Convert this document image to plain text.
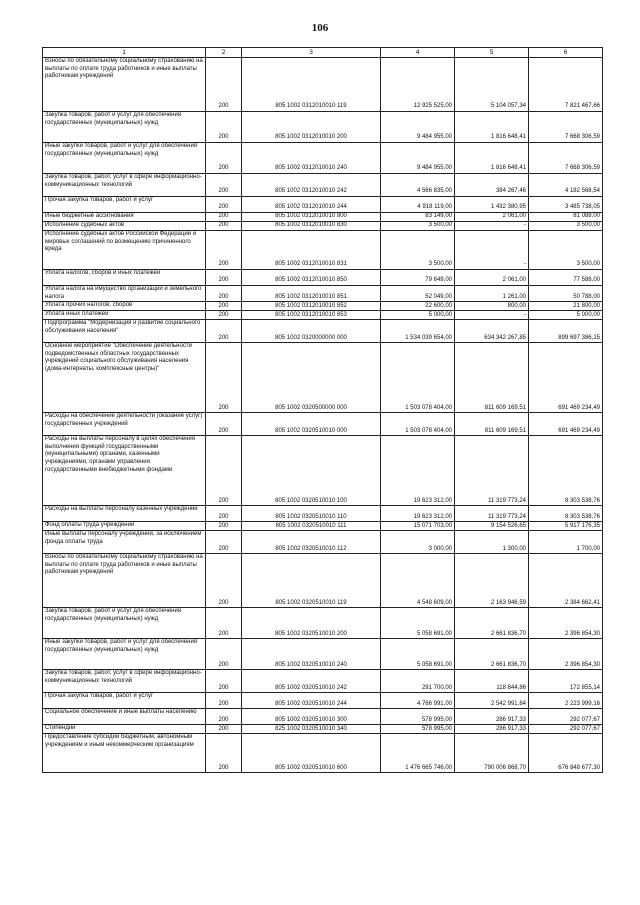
106
1	2	3	4	5	6
Взносы по обязательному социальному страхованию на выплаты по оплате труда работников и иные выплаты работникам учреждений	200	805 1002 0312010010 119	12 925 525,00	5 104 057,34	7 821 467,66
Закупка товаров, работ и услуг для обеспечения государственных (муниципальных) нужд	200	805 1002 0312010010 200	9 484 955,00	1 816 648,41	7 668 306,59
Иные закупки товаров, работ и услуг для обеспечения государственных (муниципальных) нужд	200	805 1002 0312010010 240	9 484 955,00	1 816 648,41	7 668 306,59
Закупка товаров, работ, услуг в сфере информационно-коммуникационных технологий	200	805 1002 0312010010 242	4 566 835,00	384 267,46	4 182 568,54
Прочая закупка товаров, работ и услуг	200	805 1002 0312010010 244	4 918 119,00	1 432 380,95	3 485 738,05
Иные бюджетные ассигнования	200	805 1002 0312010010 800	83 149,00	2 061,00	81 088,00
Исполнение судебных актов	200	805 1002 0312010010 830	3 500,00	-	3 500,00
Исполнение судебных актов Российской Федерации и мировых соглашений по возмещению причиненного вреда	200	805 1002 0312010010 831	3 500,00	-	3 500,00
Уплата налогов, сборов и иных платежей	200	805 1002 0312010010 850	79 649,00	2 061,00	77 588,00
Уплата налога на имущество организаций и земельного налога	200	805 1002 0312010010 851	52 049,00	1 261,00	50 788,00
Уплата прочих налогов, сборов	200	805 1002 0312010010 852	22 600,00	800,00	21 800,00
Уплата иных платежей	200	805 1002 0312010010 853	5 000,00	-	5 000,00
Подпрограмма "Модернизация и развитие социального обслуживания населения"	200	805 1002 0320000000 000	1 534 039 654,00	634 342 267,85	899 697 386,15
Основное мероприятие "Обеспечение деятельности подведомственных областных государственных учреждений социального обслуживания населения (дома-интернаты, комплексные центры)"	200	805 1002 0320500000 000	1 503 078 404,00	811 609 169,51	691 469 234,49
Расходы на обеспечение деятельности (оказание услуг) государственных учреждений	200	805 1002 0320510010 000	1 503 078 404,00	811 609 169,51	691 469 234,49
Расходы на выплаты персоналу в целях обеспечения выполнения функций государственными (муниципальными) органами, казенными учреждениями, органами управления государственными внебюджетными фондами	200	805 1002 0320510010 100	19 623 312,00	11 319 773,24	8 303 538,76
Расходы на выплаты персоналу казенных учреждений	200	805 1002 0320510010 110	19 623 312,00	11 319 773,24	8 303 538,76
Фонд оплаты труда учреждений	200	805 1002 0320510010 111	15 071 703,00	9 154 526,65	5 917 176,35
Иные выплаты персоналу учреждений, за исключением фонда оплаты труда	200	805 1002 0320510010 112	3 000,00	1 300,00	1 700,00
Взносы по обязательному социальному страхованию на выплаты по оплате труда работников и иные выплаты работникам учреждений	200	805 1002 0320510010 119	4 548 609,00	2 163 946,59	2 384 662,41
Закупка товаров, работ и услуг для обеспечения государственных (муниципальных) нужд	200	805 1002 0320510010 200	5 058 691,00	2 661 836,70	2 396 854,30
Иные закупки товаров, работ и услуг для обеспечения государственных (муниципальных) нужд	200	805 1002 0320510010 240	5 058 691,00	2 661 836,70	2 396 854,30
Закупка товаров, работ, услуг в сфере информационно-коммуникационных технологий	200	805 1002 0320510010 242	291 700,00	118 844,86	172 855,14
Прочая закупка товаров, работ и услуг	200	805 1002 0320510010 244	4 766 991,00	2 542 991,84	2 223 999,16
Социальное обеспечение и иные выплаты населению	200	805 1002 0320510010 300	578 995,00	286 917,33	292 077,67
Стипендии	200	825 1002 0320510010 340	578 995,00	286 917,33	292 077,67
Предоставление субсидий бюджетным, автономным учреждениям и иным некоммерческим организациям	200	805 1002 0320510010 600	1 476 665 746,00	790 006 868,70	676 848 677,30
